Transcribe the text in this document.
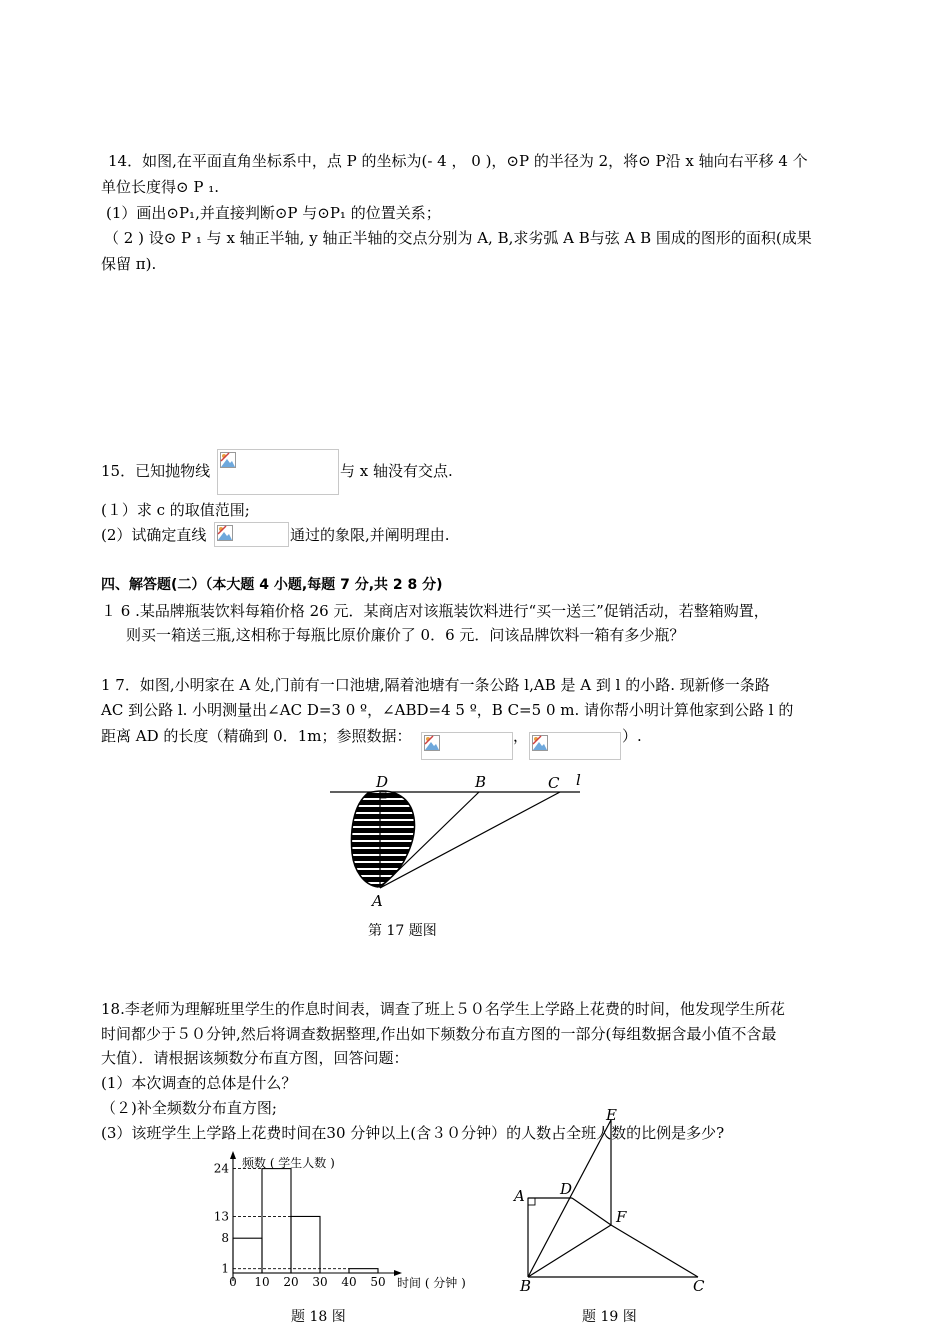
14．如图,在平面直角坐标系中，点 P 的坐标为(- 4 ， 0 )，⊙P 的半径为 2，将⊙ P沿 x 轴向右平移 4 个
单位长度得⊙ P ₁.
(1）画出⊙P₁,并直接判断⊙P 与⊙P₁ 的位置关系；
（ 2 ) 设⊙ P ₁ 与 x 轴正半轴, y 轴正半轴的交点分别为 A, B,求劣弧 A B与弦 A B 围成的图形的面积(成果
保留 π).
15．已知抛物线	与 x 轴没有交点.
(１）求 c 的取值范围;
(2）试确定直线	通过的象限,并阐明理由.
四、解答题(二）（本大题 4 小题,每题 7 分,共 2 8 分)
１ 6 .某品牌瓶装饮料每箱价格 26 元．某商店对该瓶装饮料进行“买一送三”促销活动，若整箱购置，
则买一箱送三瓶,这相称于每瓶比原价廉价了 0．6 元．问该品牌饮料一箱有多少瓶？
1 7．如图,小明家在 A 处,门前有一口池塘,隔着池塘有一条公路 l,AB 是 A 到 l 的小路. 现新修一条路
AC 到公路 l. 小明测量出∠AC D=3 0 º，∠ABD=4 5 º，B C=5 0 m. 请你帮小明计算他家到公路 l 的
距离 AD 的长度（精确到 0．1m；参照数据：	，	）.
D	B	C l
A
第 17 题图
18.李老师为理解班里学生的作息时间表，调查了班上５０名学生上学路上花费的时间，他发现学生所花
时间都少于５０分钟,然后将调查数据整理,作出如下频数分布直方图的一部分(每组数据含最小值不含最
大值）．请根据该频数分布直方图，回答问题：
(1）本次调查的总体是什么？
（２)补全频数分布直方图;
(3）该班学生上学路上花费时间在30 分钟以上(含３０分钟）的人数占全班人数的比例是多少?
频数 ( 学生人数 )
时间 ( 分钟 )
1
8
13
24
0 10 20 30 40 50
题 18 图
E
A D
F
B	C
题 19 图
